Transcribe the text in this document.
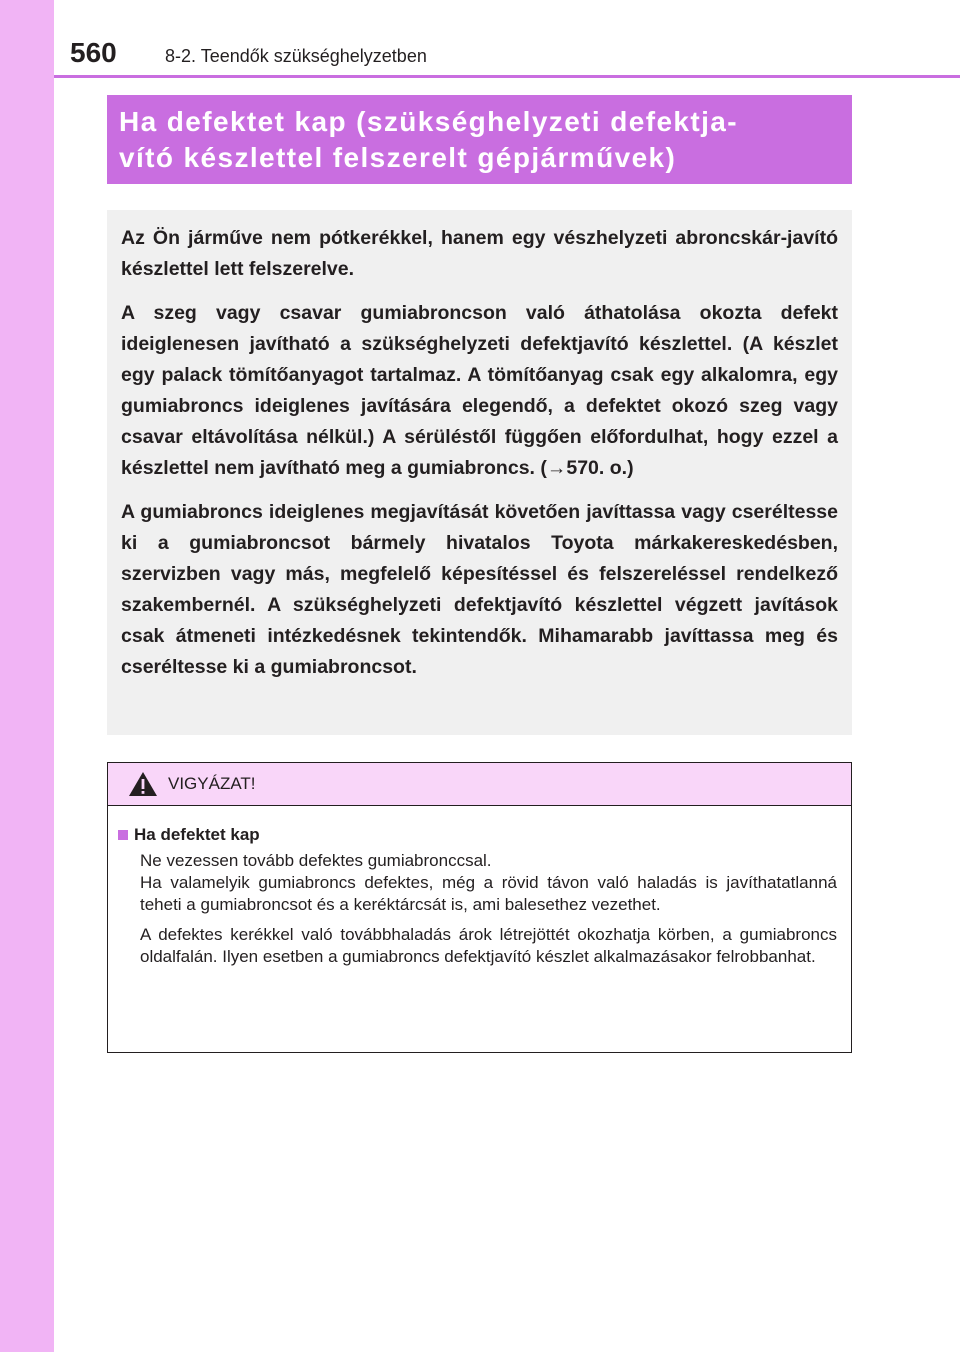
560	8-2. Teendők szükséghelyzetben
Ha defektet kap (szükséghelyzeti defektja-
vító készlettel felszerelt gépjárművek)

Az Ön járműve nem pótkerékkel, hanem egy vészhelyzeti abroncskár-javító készlettel lett felszerelve.

A szeg vagy csavar gumiabroncson való áthatolása okozta defekt ideiglenesen javítható a szükséghelyzeti defektjavító készlettel. (A készlet egy palack tömítőanyagot tartalmaz. A tömítőanyag csak egy alkalomra, egy gumiabroncs ideiglenes javítására elegendő, a defektet okozó szeg vagy csavar eltávolítása nélkül.) A sérüléstől függően előfordulhat, hogy ezzel a készlettel nem javítható meg a gumiabroncs. (→570. o.)

A gumiabroncs ideiglenes megjavítását követően javíttassa vagy cseréltesse ki a gumiabroncsot bármely hivatalos Toyota márkakereskedésben, szervizben vagy más, megfelelő képesítéssel és felszereléssel rendelkező szakembernél. A szükséghelyzeti defektjavító készlettel végzett javítások csak átmeneti intézkedésnek tekintendők. Mihamarabb javíttassa meg és cseréltesse ki a gumiabroncsot.

VIGYÁZAT!
Ha defektet kap

Ne vezessen tovább defektes gumiabronccsal.

Ha valamelyik gumiabroncs defektes, még a rövid távon való haladás is javíthatatlanná teheti a gumiabroncsot és a keréktárcsát is, ami balesethez vezethet.

A defektes kerékkel való továbbhaladás árok létrejöttét okozhatja körben, a gumiabroncs oldalfalán. Ilyen esetben a gumiabroncs defektjavító készlet alkalmazásakor felrobbanhat.
